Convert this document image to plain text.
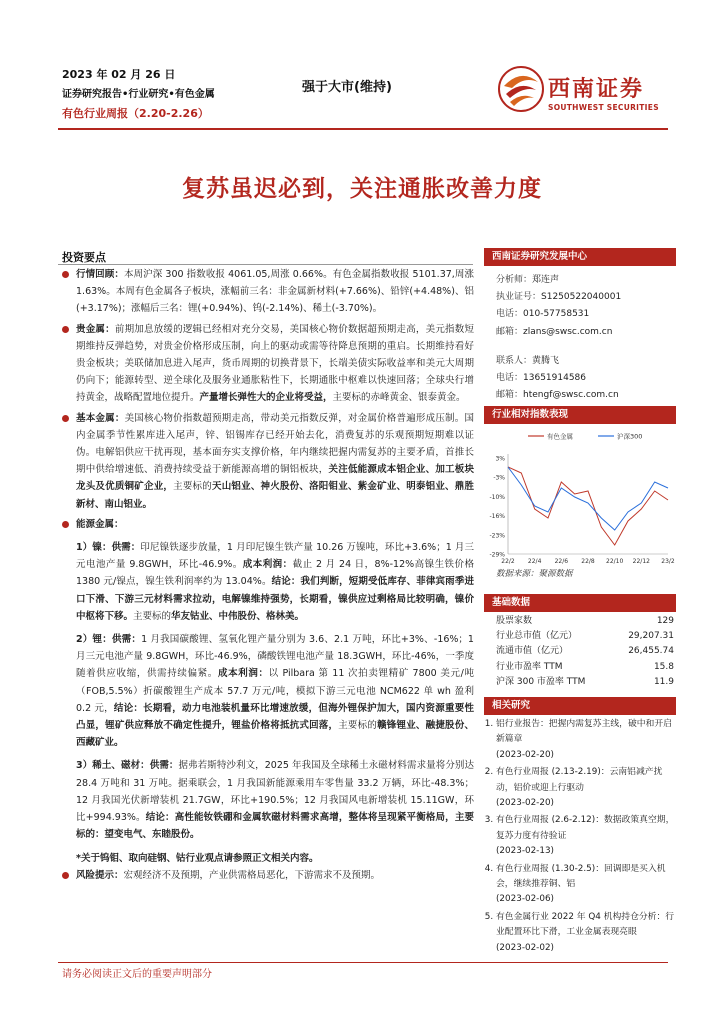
2023 年 02 月 26 日
证券研究报告•行业研究•有色金属
有色行业周报（2.20-2.26）
强于大市(维持)	西南证券
SOUTHWEST SECURITIES
复苏虽迟必到，关注通胀改善力度
投资要点

行情回顾：本周沪深 300 指数收报 4061.05,周涨 0.66%。有色金属指数收报 5101.37,周涨 1.63%。本周有色金属各子板块，涨幅前三名：非金属新材料(+7.66%)、铅锌(+4.48%)、铝(+3.17%)；涨幅后三名：锂(+0.94%)、钨(-2.14%)、稀土(-3.70%)。

贵金属：前期加息放缓的逻辑已经相对充分交易，美国核心物价数据超预期走高，美元指数短期维持反弹趋势，对贵金价格形成压制，向上的驱动或需等待降息预期的重启。长期维持看好贵金板块；美联储加息进入尾声，货币周期的切换背景下，长端美债实际收益率和美元大周期仍向下；能源转型、逆全球化及服务业通胀粘性下，长期通胀中枢难以快速回落；全球央行增持黄金，战略配置地位提升。产量增长弹性大的企业将受益，主要标的赤峰黄金、银泰黄金。

基本金属：美国核心物价指数超预期走高，带动美元指数反弹，对金属价格普遍形成压制。国内金属季节性累库进入尾声，锌、铝锡库存已经开始去化，消费复苏的乐观预期短期难以证伪。电解铝供应干扰再现，基本面夯实支撑价格，年内继续把握内需复苏的主要矛盾，首推长期中供给增速低、消费持续受益于新能源高增的铜铝板块，关注低能源成本铝企业、加工板块龙头及优质铜矿企业，主要标的天山铝业、神火股份、洛阳钼业、紫金矿业、明泰铝业、鼎胜新材、南山铝业。

能源金属：

1）镍：供需：印尼镍铁逐步放量，1 月印尼镍生铁产量 10.26 万镍吨，环比+3.6%；1 月三元电池产量 9.8GWH，环比-46.9%。成本利润：截止 2 月 24 日，8%-12%高镍生铁价格 1380 元/镍点，镍生铁利润率约为 13.04%。结论：我们判断，短期受低库存、菲律宾雨季进口下滑、下游三元材料需求拉动，电解镍维持强势，长期看，镍供应过剩格局比较明确，镍价中枢将下移。主要标的华友钴业、中伟股份、格林美。

2）锂：供需：1 月我国碳酸锂、氢氧化锂产量分别为 3.6、2.1 万吨，环比+3%、-16%；1 月三元电池产量 9.8GWH，环比-46.9%，磷酸铁锂电池产量 18.3GWH，环比-46%，一季度随着供应收缩，供需持续偏紧。成本利润：以 Pilbara 第 11 次拍卖锂精矿 7800 美元/吨（FOB,5.5%）折碳酸锂生产成本 57.7 万元/吨，模拟下游三元电池 NCM622 单 wh 盈利 0.2 元，结论：长期看，动力电池装机量环比增速放缓，但海外锂保护加大，国内资源重要性凸显，锂矿供应释放不确定性提升，锂盐价格将抵抗式回落，主要标的赣锋锂业、融捷股份、西藏矿业。

3）稀土、磁材：供需：据弗若斯特沙利文，2025 年我国及全球稀土永磁材料需求量将分别达 28.4 万吨和 31 万吨。据乘联会，1 月我国新能源乘用车零售量 33.2 万辆，环比-48.3%；12 月我国光伏新增装机 21.7GW，环比+190.5%；12 月我国风电新增装机 15.11GW，环比+994.93%。结论：高性能钕铁硼和金属软磁材料需求高增，整体将呈现紧平衡格局，主要标的：望变电气、东睦股份。

*关于钨钼、取向硅钢、钴行业观点请参照正文相关内容。

风险提示：宏观经济不及预期，产业供需格局恶化，下游需求不及预期。

西南证券研究发展中心
分析师： 郑连声
执业证号： S1250522040001
电话： 010-57758531
邮箱： zlans@swsc.com.cn
联系人： 黄腾飞
电话： 13651914586
邮箱： htengf@swsc.com.cn
行业相对指数表现
3%
-3%
-10%
-16%
-23%
-29%
22/2 22/4 22/6 22/8 22/10 22/12 23/2
有色金属	沪深300
数据来源：聚源数据
基础数据
股票家数	129
行业总市值（亿元）	29,207.31
流通市值（亿元）	26,455.74
行业市盈率 TTM	15.8
沪深 300 市盈率 TTM	11.9
相关研究
1. 铝行业报告：把握内需复苏主线，破中和开启新篇章
(2023-02-20)
2. 有色行业周报 (2.13-2.19)：云南铝减产扰动，铝价或迎上行驱动
(2023-02-20)
3. 有色行业周报 (2.6-2.12)：数据政策真空期，复苏力度有待验证
(2023-02-13)
4. 有色行业周报 (1.30-2.5)：回调即是买入机会，继续推荐铜、铝
(2023-02-06)
5. 有色金属行业 2022 年 Q4 机构持仓分析：行业配置环比下滑，工业金属表现亮眼
(2023-02-02)
请务必阅读正文后的重要声明部分
